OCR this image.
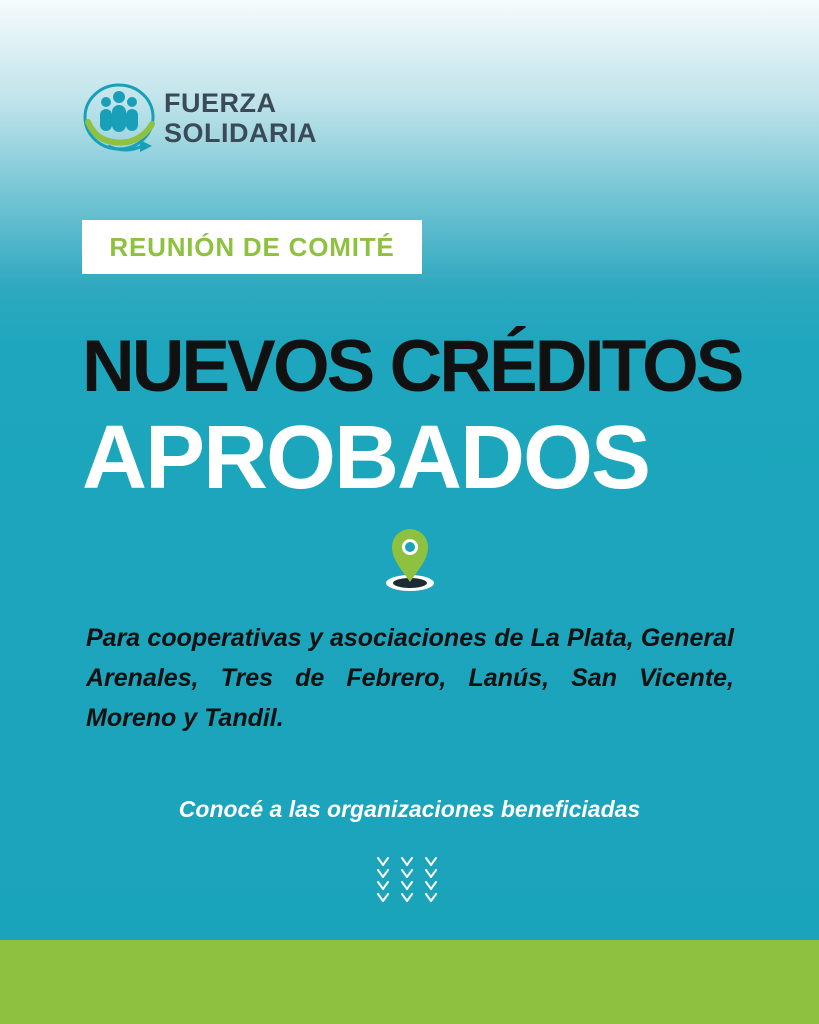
FUERZA
SOLIDARIA
REUNIÓN DE COMITÉ
NUEVOS CRÉDITOS
APROBADOS
Para cooperativas y asociaciones de La Plata, General Arenales, Tres de Febrero, Lanús, San Vicente, Moreno y Tandil.
Conocé a las organizaciones beneficiadas
